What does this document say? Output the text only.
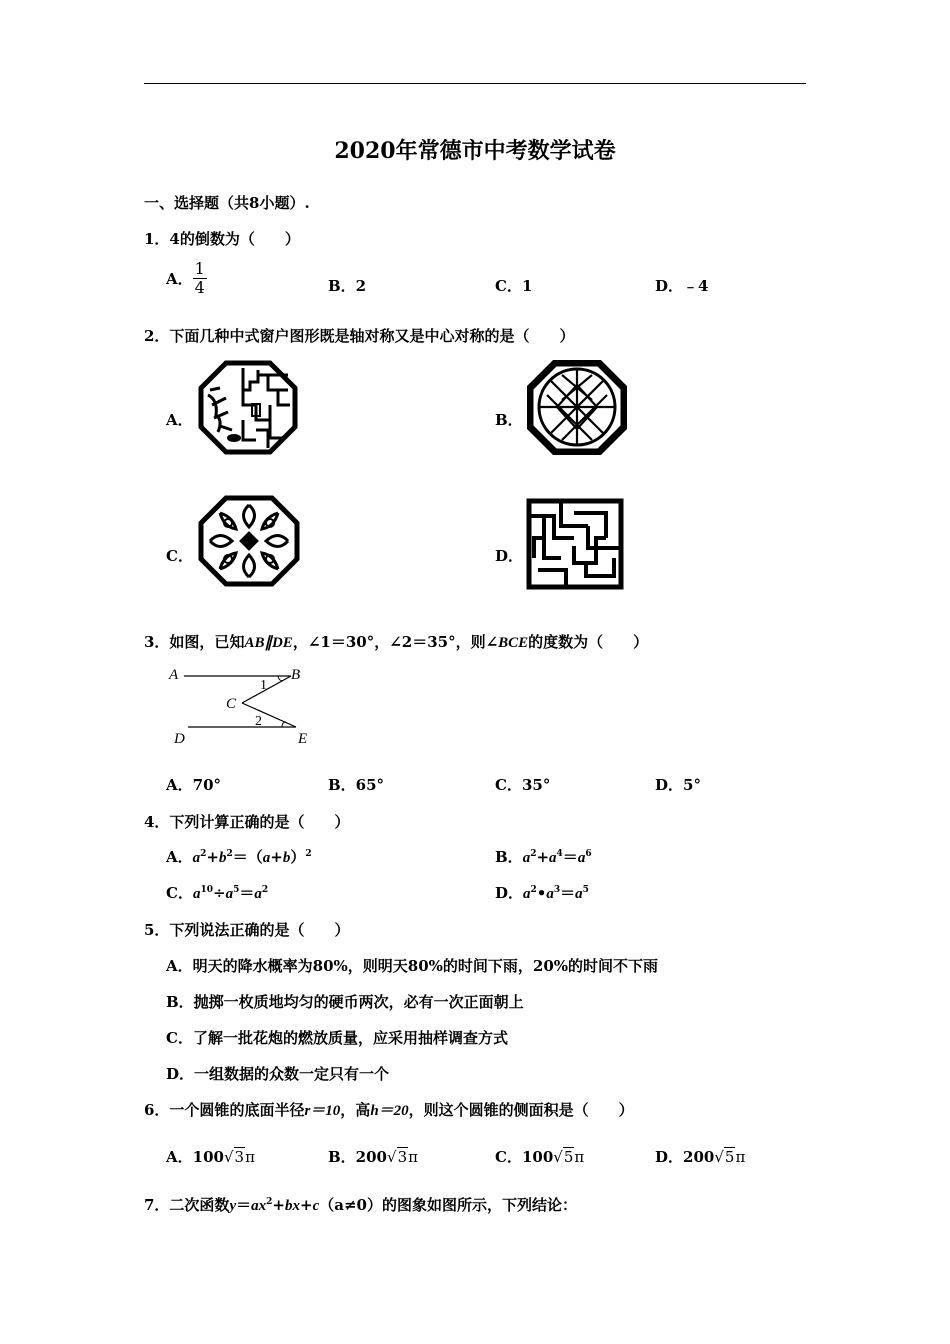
2020年常德市中考数学试卷
一、选择题（共8小题）.
1．4的倒数为（　　）
A． $\frac{1}{4}$	B．2	C．1	D．﹣4
2．下面几种中式窗户图形既是轴对称又是中心对称的是（　　）
A．	B．
C．	D．
3．如图，已知AB∥DE，∠1＝30°，∠2＝35°，则∠BCE的度数为（　　）
A	B
C
D	E
1
2
A．70°	B．65°	C．35°	D．5°
4．下列计算正确的是（　　）
A．$a^2+b^2=(a+b)^2$	B．$a^2+a^4=a^6$
C．$a^{10}\div a^5=a^2$	D．$a^2•a^3=a^5$
5．下列说法正确的是（　　）
A．明天的降水概率为80%，则明天80%的时间下雨，20%的时间不下雨
B．抛掷一枚质地均匀的硬币两次，必有一次正面朝上
C．了解一批花炮的燃放质量，应采用抽样调查方式
D．一组数据的众数一定只有一个
6．一个圆锥的底面半径r＝10，高h＝20，则这个圆锥的侧面积是（　　）
A．100√3π	B．200√3π	C．100√5π	D．200√5π
7．二次函数$y=ax^2+bx+c(a\ne 0)$的图象如图所示，下列结论：
